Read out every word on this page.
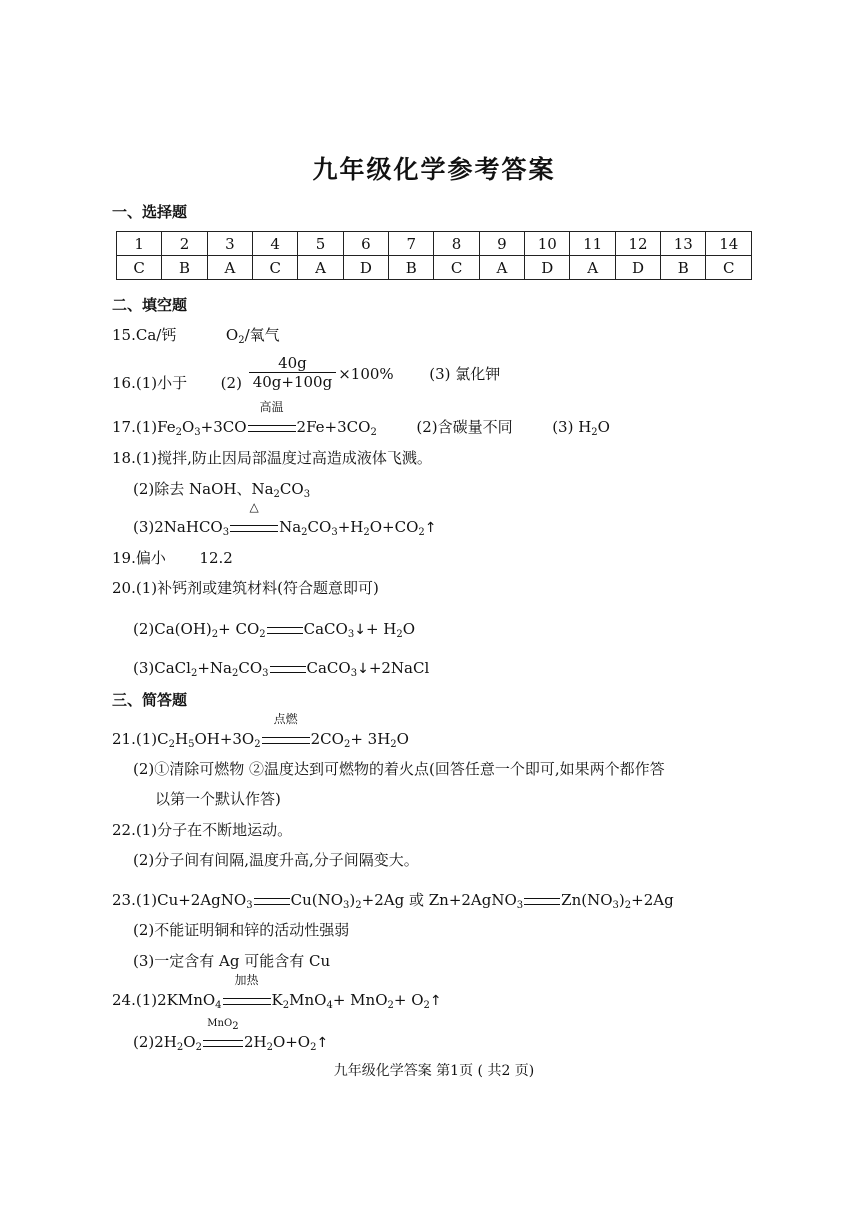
九年级化学参考答案
一、选择题
1	2	3	4	5	6	7	8	9	10	11	12	13	14
C	B	A	C	A	D	B	C	A	D	A	D	B	C
二、填空题
15.Ca/钙	$O_2/$氧气
16.(1)小于 $(2) \frac{40g}{40g+100g} \times 100\%$ (3) 氯化钾
$17.(1)Fe_2O_3+3CO$
高温
$2Fe+3CO_2$	(2)含碳量不同	(3) $H_2O$
18.(1)搅拌,防止因局部温度过高造成液体飞溅。
(2)除去 NaOH、$Na_2CO_3$
(3)2NaHCO$_3$
△
$Na_2CO_3+H_2O+CO_2↑$
19.偏小 12.2
20.(1)补钙剂或建筑材料(符合题意即可)
$(2)Ca(OH)_2+ CO_2$	CaCO$_3$↓+ $H_2O$
$(3)CaCl_2+Na_2CO_3$	CaCO$_3$↓+2NaCl
三、简答题
$21.(1)C_2H_5OH+3O_2$
点燃
$2CO_2+ 3H_2O$
(2)①清除可燃物 ②温度达到可燃物的着火点(回答任意一个即可,如果两个都作答
以第一个默认作答)
22.(1)分子在不断地运动。
(2)分子间有间隔,温度升高,分子间隔变大。
23.(1)Cu+2AgNO$_3$	$Cu(NO_3)_2+2Ag$ 或 Zn+2AgNO$_3$	$Zn(NO_3)_2+2Ag$
(2)不能证明铜和锌的活动性强弱
(3)一定含有 Ag 可能含有 Cu
24.(1)2KMnO$_4$
加热
$K_2MnO_4+ MnO_2+$ $O_2↑$
$(2)2H_2O_2$
MnO$_2$
$2H_2O+O_2↑$
九年级化学答案 第1页 ( 共2 页)
